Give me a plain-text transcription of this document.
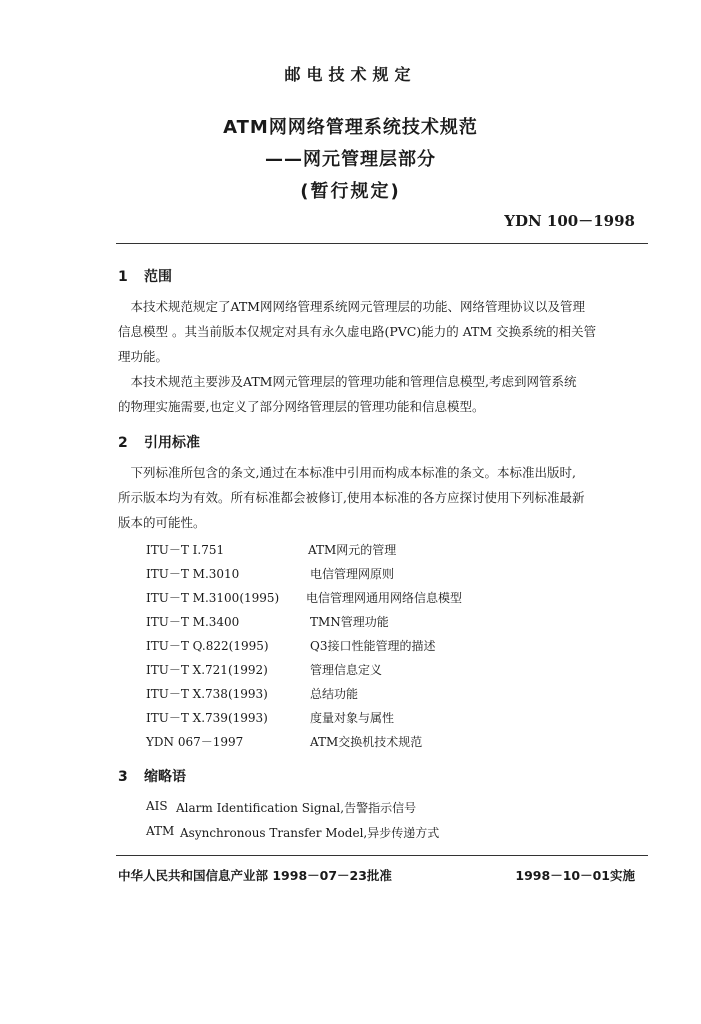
邮电技术规定
ATM网网络管理系统技术规范
——网元管理层部分
(暂行规定)
YDN 100－1998
1 范围
　本技术规范规定了ATM网网络管理系统网元管理层的功能、网络管理协议以及管理
信息模型 。其当前版本仅规定对具有永久虚电路(PVC)能力的 ATM 交换系统的相关管
理功能。
　本技术规范主要涉及ATM网元管理层的管理功能和管理信息模型,考虑到网管系统
的物理实施需要,也定义了部分网络管理层的管理功能和信息模型。
2 引用标准
　下列标准所包含的条文,通过在本标准中引用而构成本标准的条文。本标准出版时,
所示版本均为有效。所有标准都会被修订,使用本标准的各方应探讨使用下列标准最新
版本的可能性。
ITU－T I.751	ATM网元的管理
ITU－T M.3010	电信管理网原则
ITU－T M.3100(1995) 电信管理网通用网络信息模型
ITU－T M.3400	TMN管理功能
ITU－T Q.822(1995)	Q3接口性能管理的描述
ITU－T X.721(1992)	管理信息定义
ITU－T X.738(1993)	总结功能
ITU－T X.739(1993)	度量对象与属性
YDN 067－1997	ATM交换机技术规范
3 缩略语
AIS Alarm Identification Signal,告警指示信号
ATM Asynchronous Transfer Model,异步传递方式
中华人民共和国信息产业部 1998－07－23批准	1998－10－01实施
